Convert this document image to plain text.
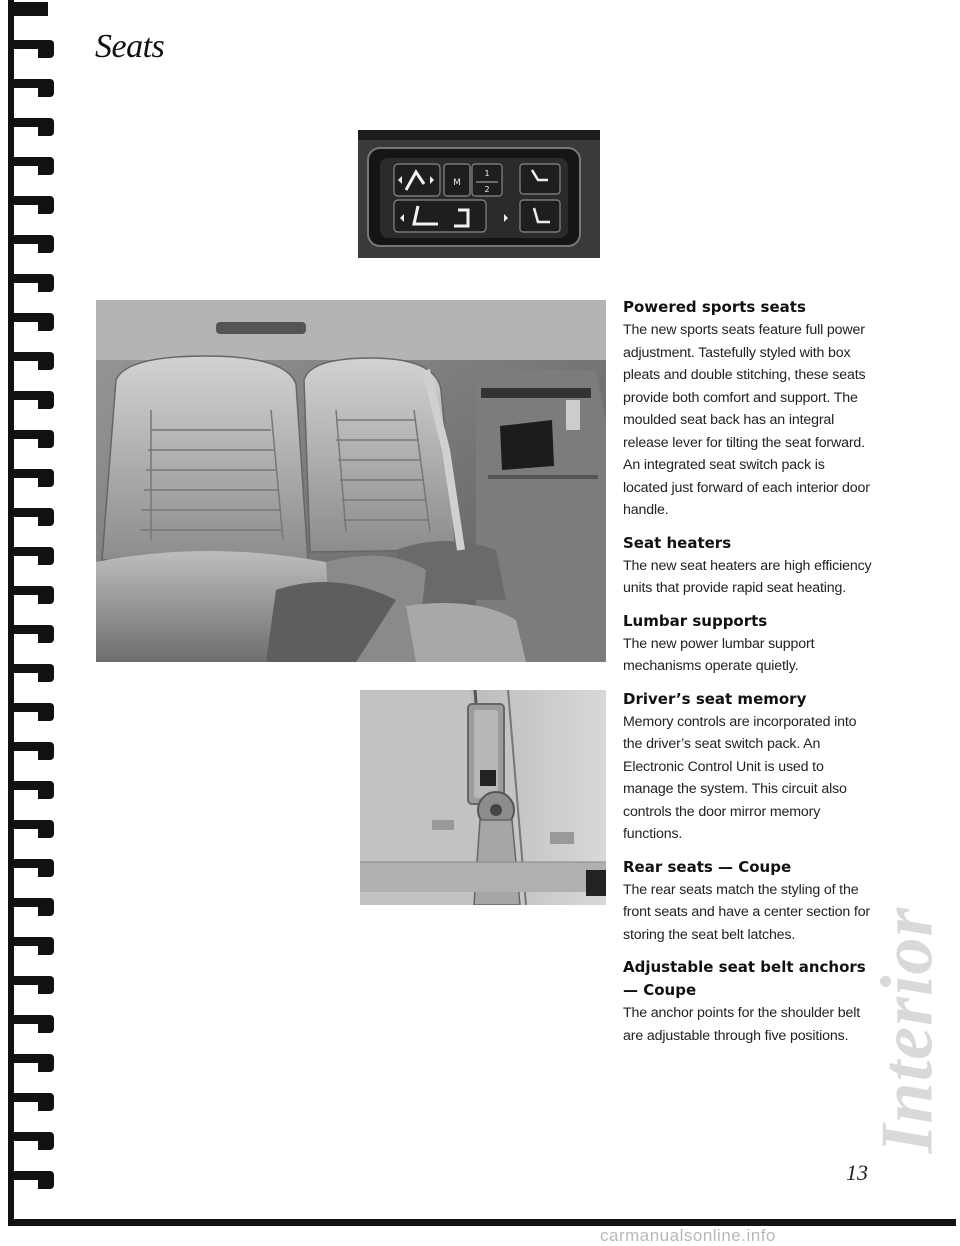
Seats
M
1
2
Powered sports seats

The new sports seats feature full power adjustment. Tastefully styled with box pleats and double stitching, these seats provide both comfort and support. The moulded seat back has an integral release lever for tilting the seat forward. An integrated seat switch pack is located just forward of each interior door handle.

Seat heaters

The new seat heaters are high efficiency units that provide rapid seat heating.

Lumbar supports

The new power lumbar support mechanisms operate quietly.

Driver’s seat memory

Memory controls are incorporated into the driver’s seat switch pack. An Electronic Control Unit is used to manage the system. This circuit also controls the door mirror memory functions.

Rear seats — Coupe

The rear seats match the styling of the front seats and have a center section for storing the seat belt latches.

Adjustable seat belt anchors — Coupe

The anchor points for the shoulder belt are adjustable through five positions. Interior

13

carmanualsonline.info
